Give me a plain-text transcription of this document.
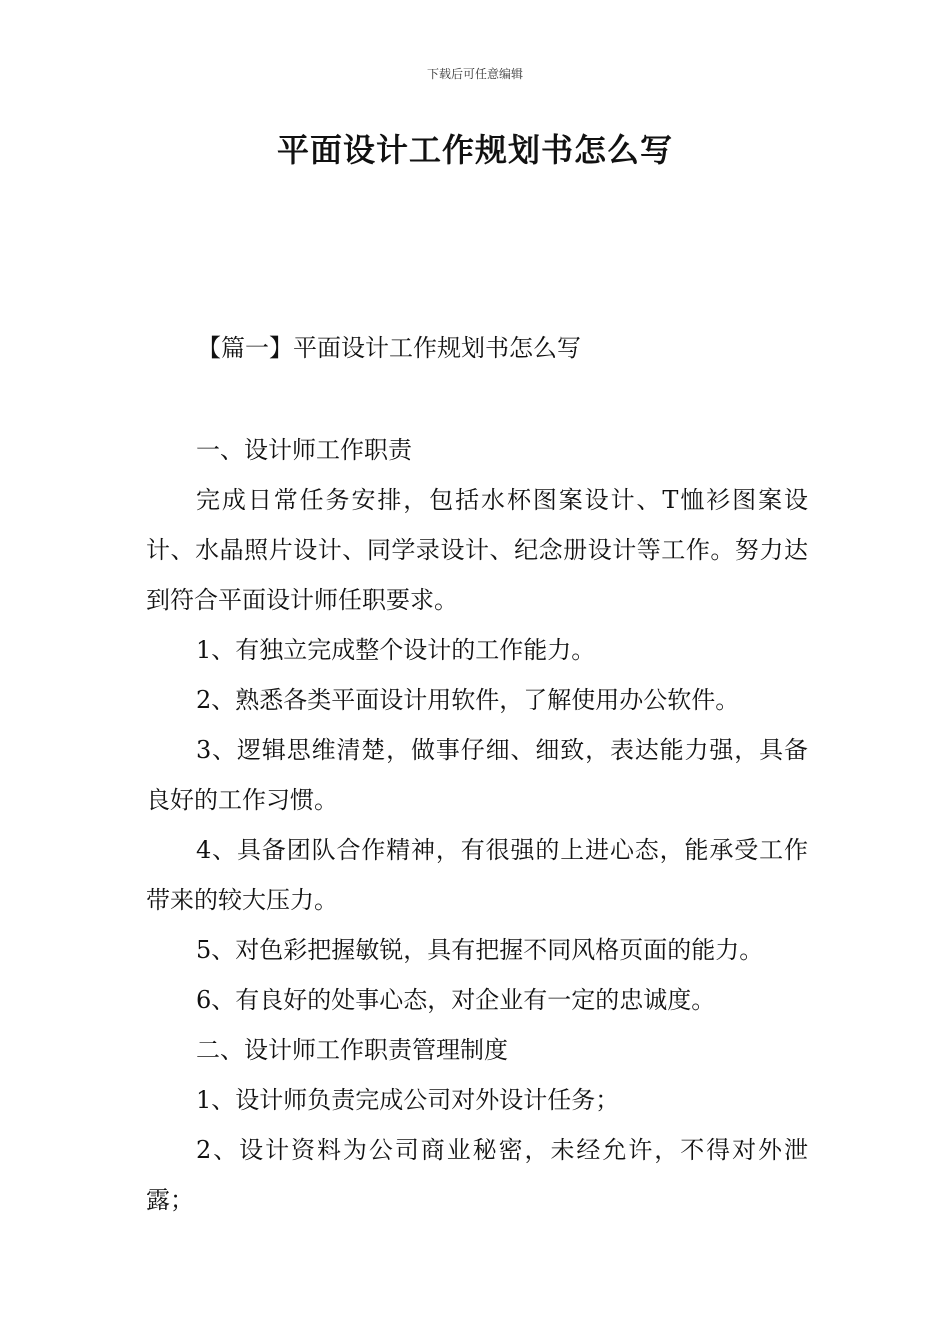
下载后可任意编辑
平面设计工作规划书怎么写
【篇一】平面设计工作规划书怎么写

一、设计师工作职责

完成日常任务安排，包括水杯图案设计、T恤衫图案设计、水晶照片设计、同学录设计、纪念册设计等工作。努力达到符合平面设计师任职要求。

1、有独立完成整个设计的工作能力。

2、熟悉各类平面设计用软件，了解使用办公软件。

3、逻辑思维清楚，做事仔细、细致，表达能力强，具备良好的工作习惯。

4、具备团队合作精神，有很强的上进心态，能承受工作带来的较大压力。

5、对色彩把握敏锐，具有把握不同风格页面的能力。

6、有良好的处事心态，对企业有一定的忠诚度。

二、设计师工作职责管理制度

1、设计师负责完成公司对外设计任务；

2、设计资料为公司商业秘密，未经允许，不得对外泄露；
